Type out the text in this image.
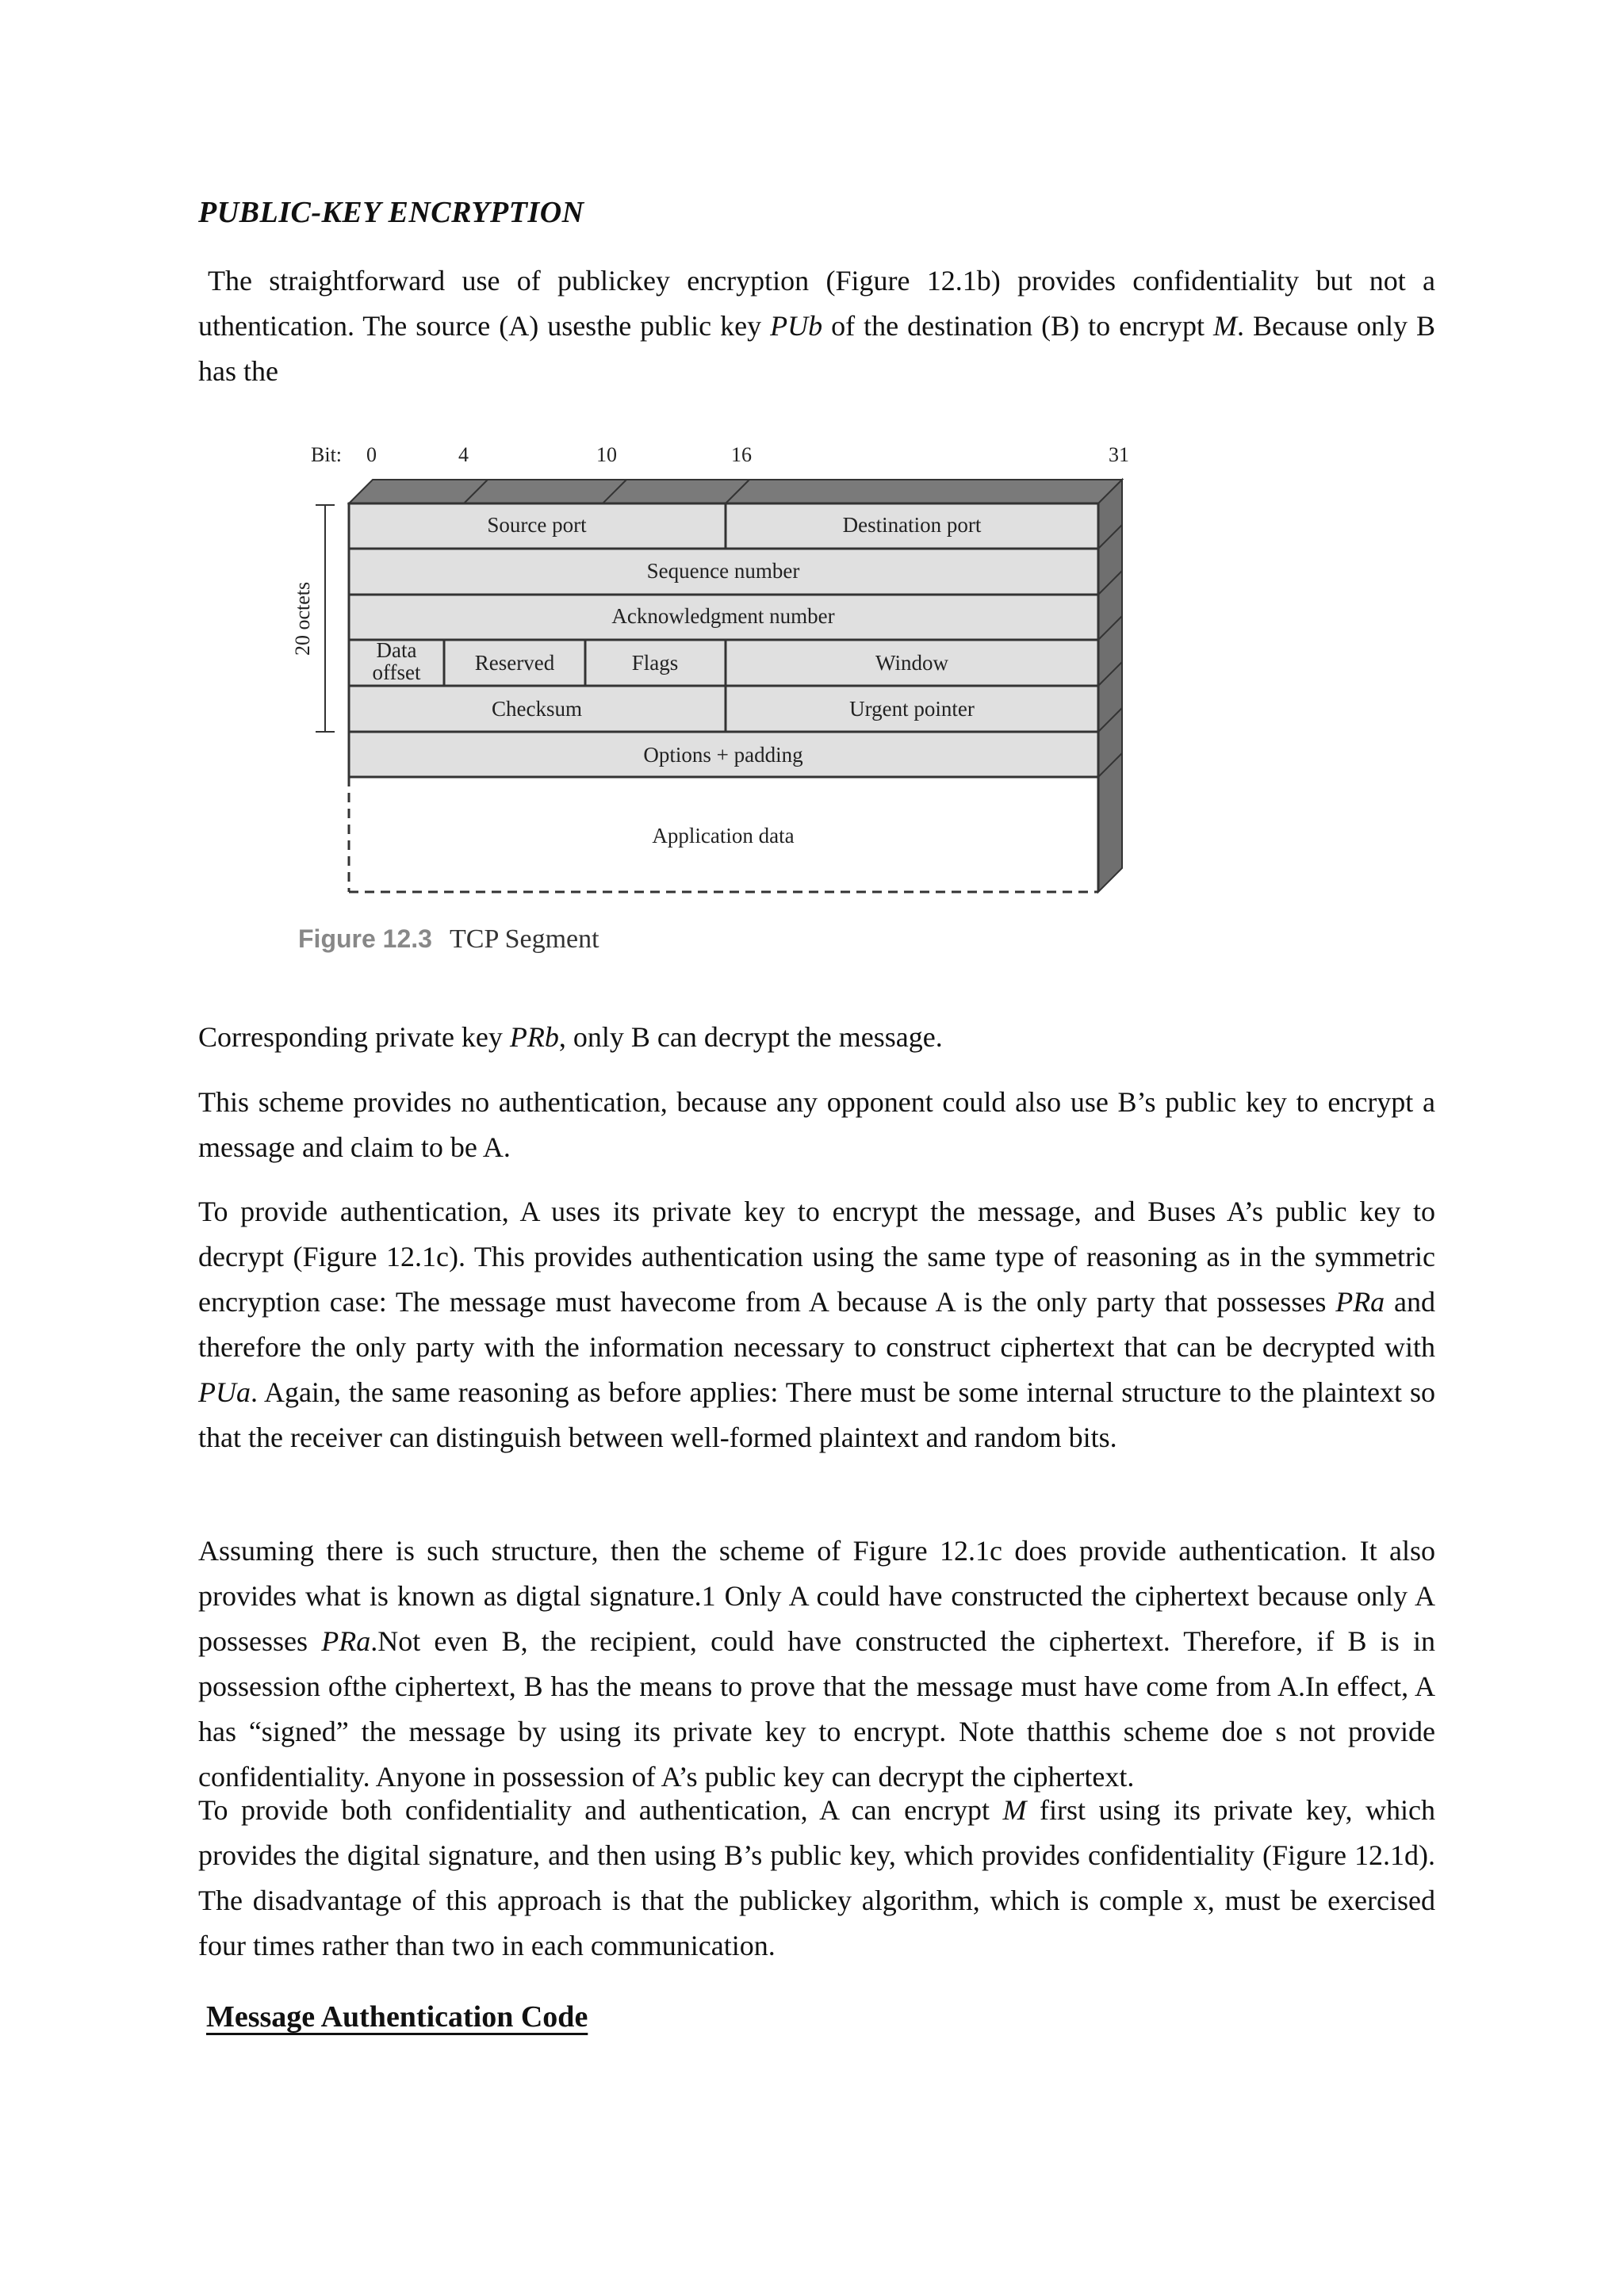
PUBLIC-KEY ENCRYPTION

The straightforward use of publickey encryption (Figure 12.1b) provides confidentiality but not a uthentication. The source (A) usesthe public key PUb of the destination (B) to encrypt M. Because only B has the

Bit: 0	4	10	16	31
20 octets
Source port	Destination port
Sequence number
Acknowledgment number
Data
offset	Reserved	Flags	Window
Checksum	Urgent pointer
Options + padding
Application data
Figure 12.3 TCP Segment

Corresponding private key PRb, only B can decrypt the message.

This scheme provides no authentication, because any opponent could also use B’s public key to encrypt a message and claim to be A.

To provide authentication, A uses its private key to encrypt the message, and Buses A’s public key to decrypt (Figure 12.1c). This provides authentication using the same type of reasoning as in the symmetric encryption case: The message must havecome from A because A is the only party that possesses PRa and therefore the only party with the information necessary to construct ciphertext that can be decrypted with PUa. Again, the same reasoning as before applies: There must be some internal structure to the plaintext so that the receiver can distinguish between well-formed plaintext and random bits.

Assuming there is such structure, then the scheme of Figure 12.1c does provide authentication. It also provides what is known as digtal signature.1 Only A could have constructed the ciphertext because only A possesses PRa.Not even B, the recipient, could have constructed the ciphertext. Therefore, if B is in possession ofthe ciphertext, B has the means to prove that the message must have come from A.In effect, A has “signed” the message by using its private key to encrypt. Note thatthis scheme doe s not provide confidentiality. Anyone in possession of A’s public key can decrypt the ciphertext.

To provide both confidentiality and authentication, A can encrypt M first using its private key, which provides the digital signature, and then using B’s public key, which provides confidentiality (Figure 12.1d). The disadvantage of this approach is that the publickey algorithm, which is comple x, must be exercised four times rather than two in each communication.

Message Authentication Code
